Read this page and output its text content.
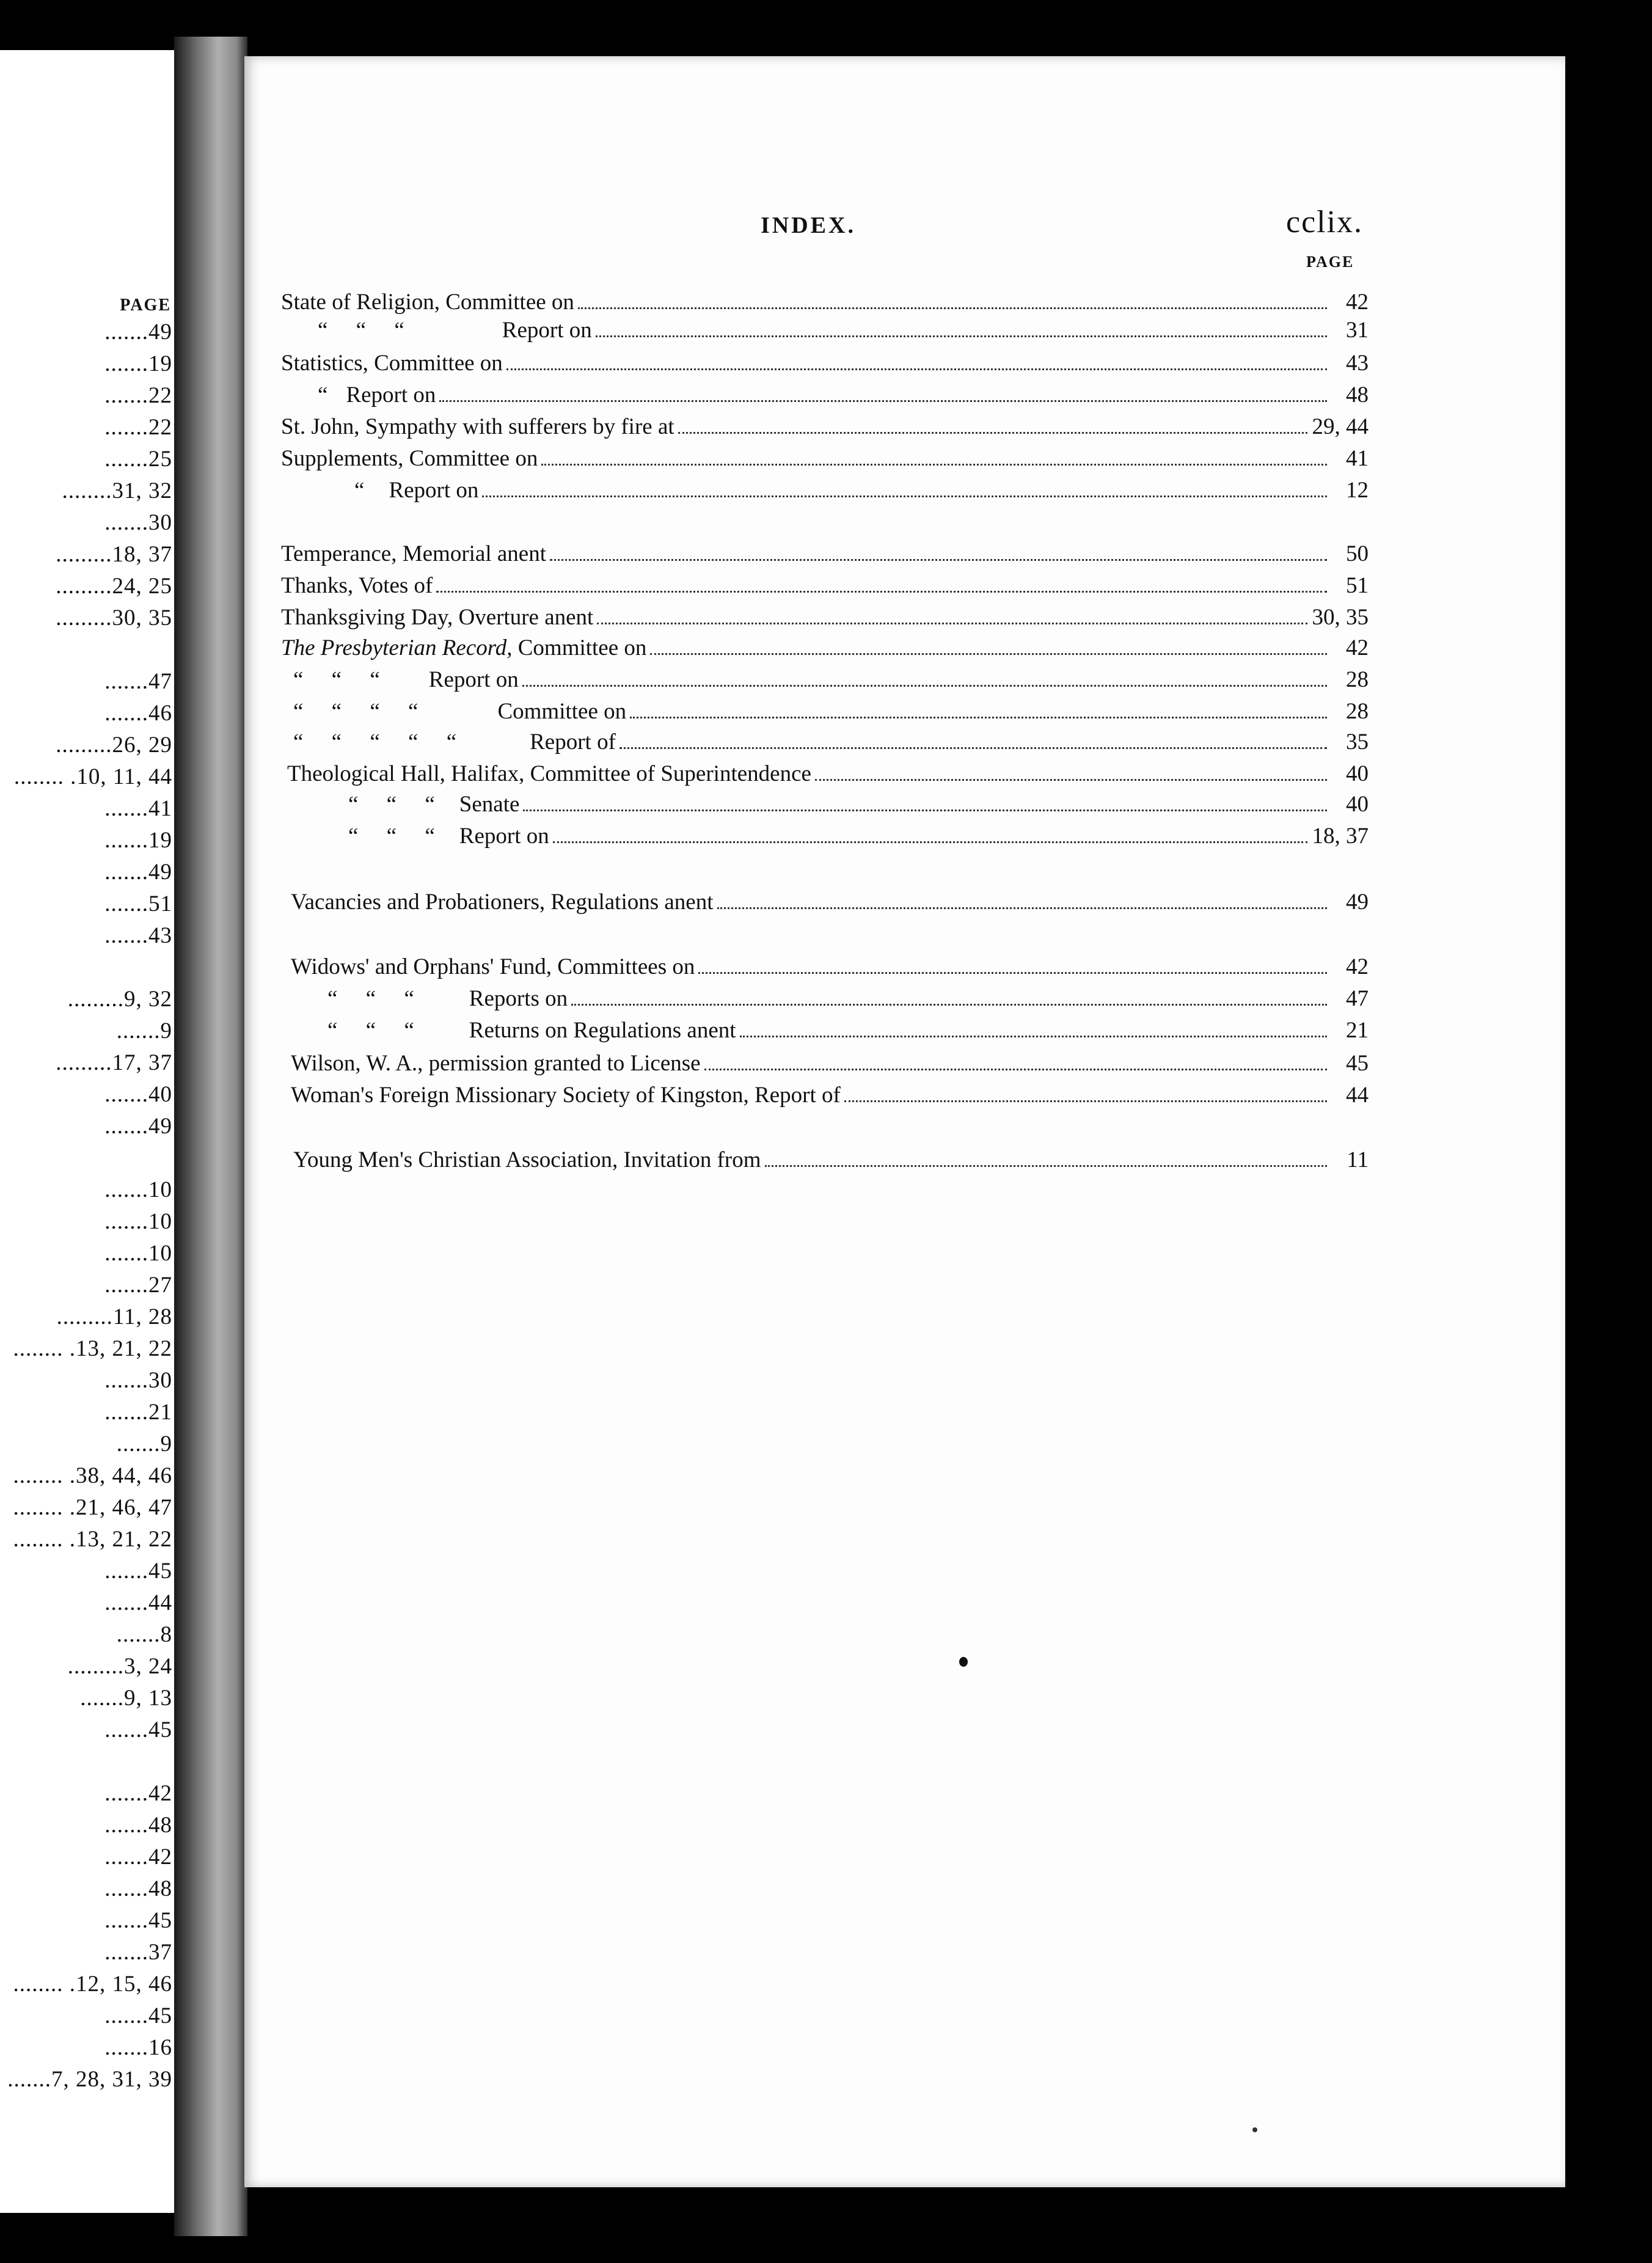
PAGE
.......49
.......19
.......22
.......22
.......25
........31, 32
.......30
.........18, 37
.........24, 25
.........30, 35
.......47
.......46
.........26, 29
........ .10, 11, 44
.......41
.......19
.......49
.......51
.......43
.........9, 32
.......9
.........17, 37
.......40
.......49
.......10
.......10
.......10
.......27
.........11, 28
........ .13, 21, 22
.......30
.......21
.......9
........ .38, 44, 46
........ .21, 46, 47
........ .13, 21, 22
.......45
.......44
.......8
.........3, 24
.......9, 13
.......45
.......42
.......48
.......42
.......48
.......45
.......37
........ .12, 15, 46
.......45
.......16
.......7, 28, 31, 39
INDEX.	cclix.
PAGE
State of Religion, Committee on	42
“     “     “	Report on	31
Statistics, Committee on	43
“ Report on	48
St. John, Sympathy with sufferers by fire at	29, 44
Supplements, Committee on	41
“ Report on	12
Temperance, Memorial anent	50
Thanks, Votes of	51
Thanksgiving Day, Overture anent	30, 35
The Presbyterian Record, Committee on	42
“     “     “ Report on	28
“     “     “     “	Committee on	28
“     “     “     “     “	Report of	35
Theological Hall, Halifax, Committee of Superintendence	40
“     “     “ Senate	40
“     “     “ Report on	18, 37
Vacancies and Probationers, Regulations anent	49
Widows' and Orphans' Fund, Committees on	42
“     “     “ Reports on	47
“     “     “ Returns on Regulations anent	21
Wilson, W. A., permission granted to License	45
Woman's Foreign Missionary Society of Kingston, Report of	44
Young Men's Christian Association, Invitation from	11
